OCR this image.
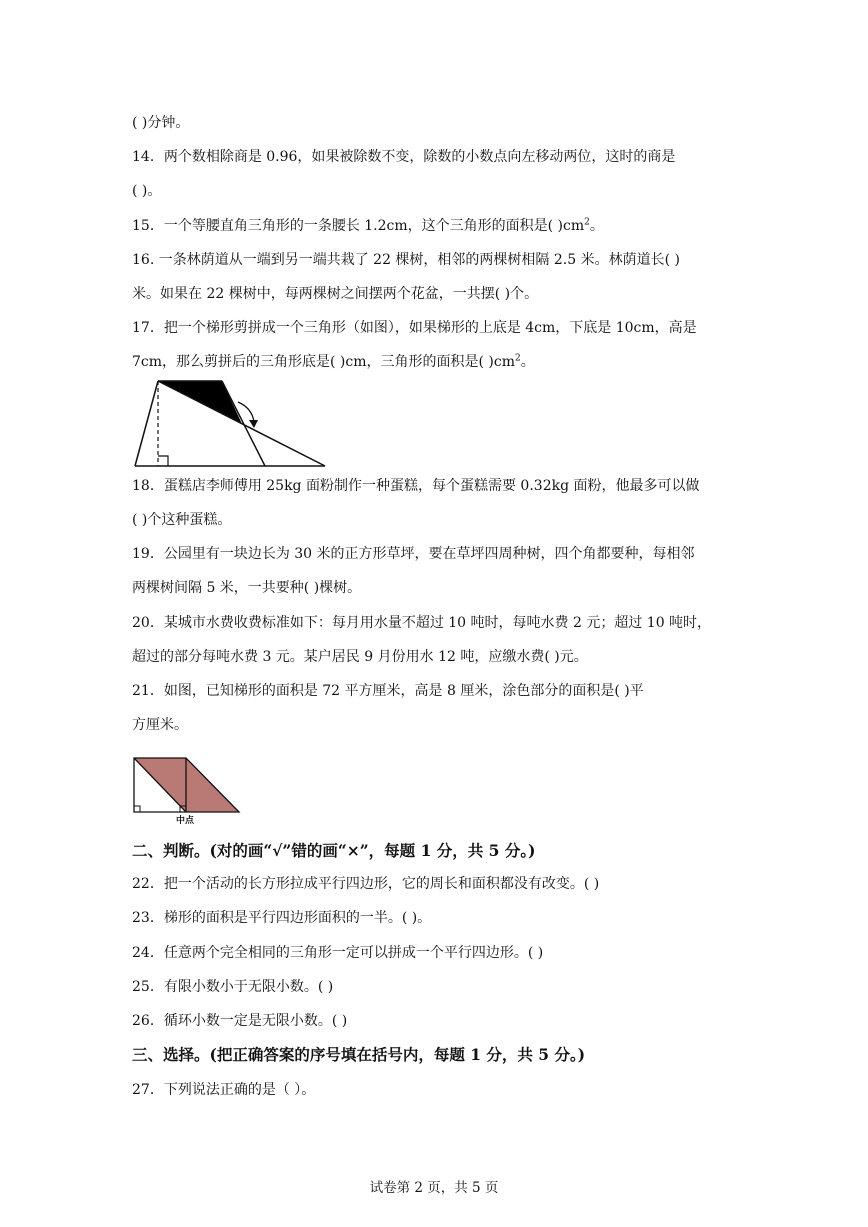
( )分钟。
14．两个数相除商是 0.96，如果被除数不变，除数的小数点向左移动两位，这时的商是
( )。
15．一个等腰直角三角形的一条腰长 1.2cm，这个三角形的面积是( )$cm^2$。
16. 一条林荫道从一端到另一端共栽了 22 棵树，相邻的两棵树相隔 2.5 米。林荫道长( )
米。如果在 22 棵树中，每两棵树之间摆两个花盆，一共摆( )个。
17．把一个梯形剪拼成一个三角形（如图），如果梯形的上底是 4cm，下底是 10cm，高是
7cm，那么剪拼后的三角形底是( )cm，三角形的面积是( )$cm^2$。
18．蛋糕店李师傅用 25kg 面粉制作一种蛋糕，每个蛋糕需要 0.32kg 面粉，他最多可以做
( )个这种蛋糕。
19．公园里有一块边长为 30 米的正方形草坪，要在草坪四周种树，四个角都要种，每相邻
两棵树间隔 5 米，一共要种( )棵树。
20．某城市水费收费标准如下：每月用水量不超过 10 吨时，每吨水费 2 元；超过 10 吨时，
超过的部分每吨水费 3 元。某户居民 9 月份用水 12 吨，应缴水费( )元。
21．如图，已知梯形的面积是 72 平方厘米，高是 8 厘米，涂色部分的面积是( )平
方厘米。
中点
二、判断。(对的画“√”错的画“×”，每题 1 分，共 5 分。)
22．把一个活动的长方形拉成平行四边形，它的周长和面积都没有改变。( )
23．梯形的面积是平行四边形面积的一半。( )。
24．任意两个完全相同的三角形一定可以拼成一个平行四边形。( )
25．有限小数小于无限小数。( )
26．循环小数一定是无限小数。( )
三、选择。(把正确答案的序号填在括号内，每题 1 分，共 5 分。)
27．下列说法正确的是（ ）。
试卷第 2 页，共 5 页
